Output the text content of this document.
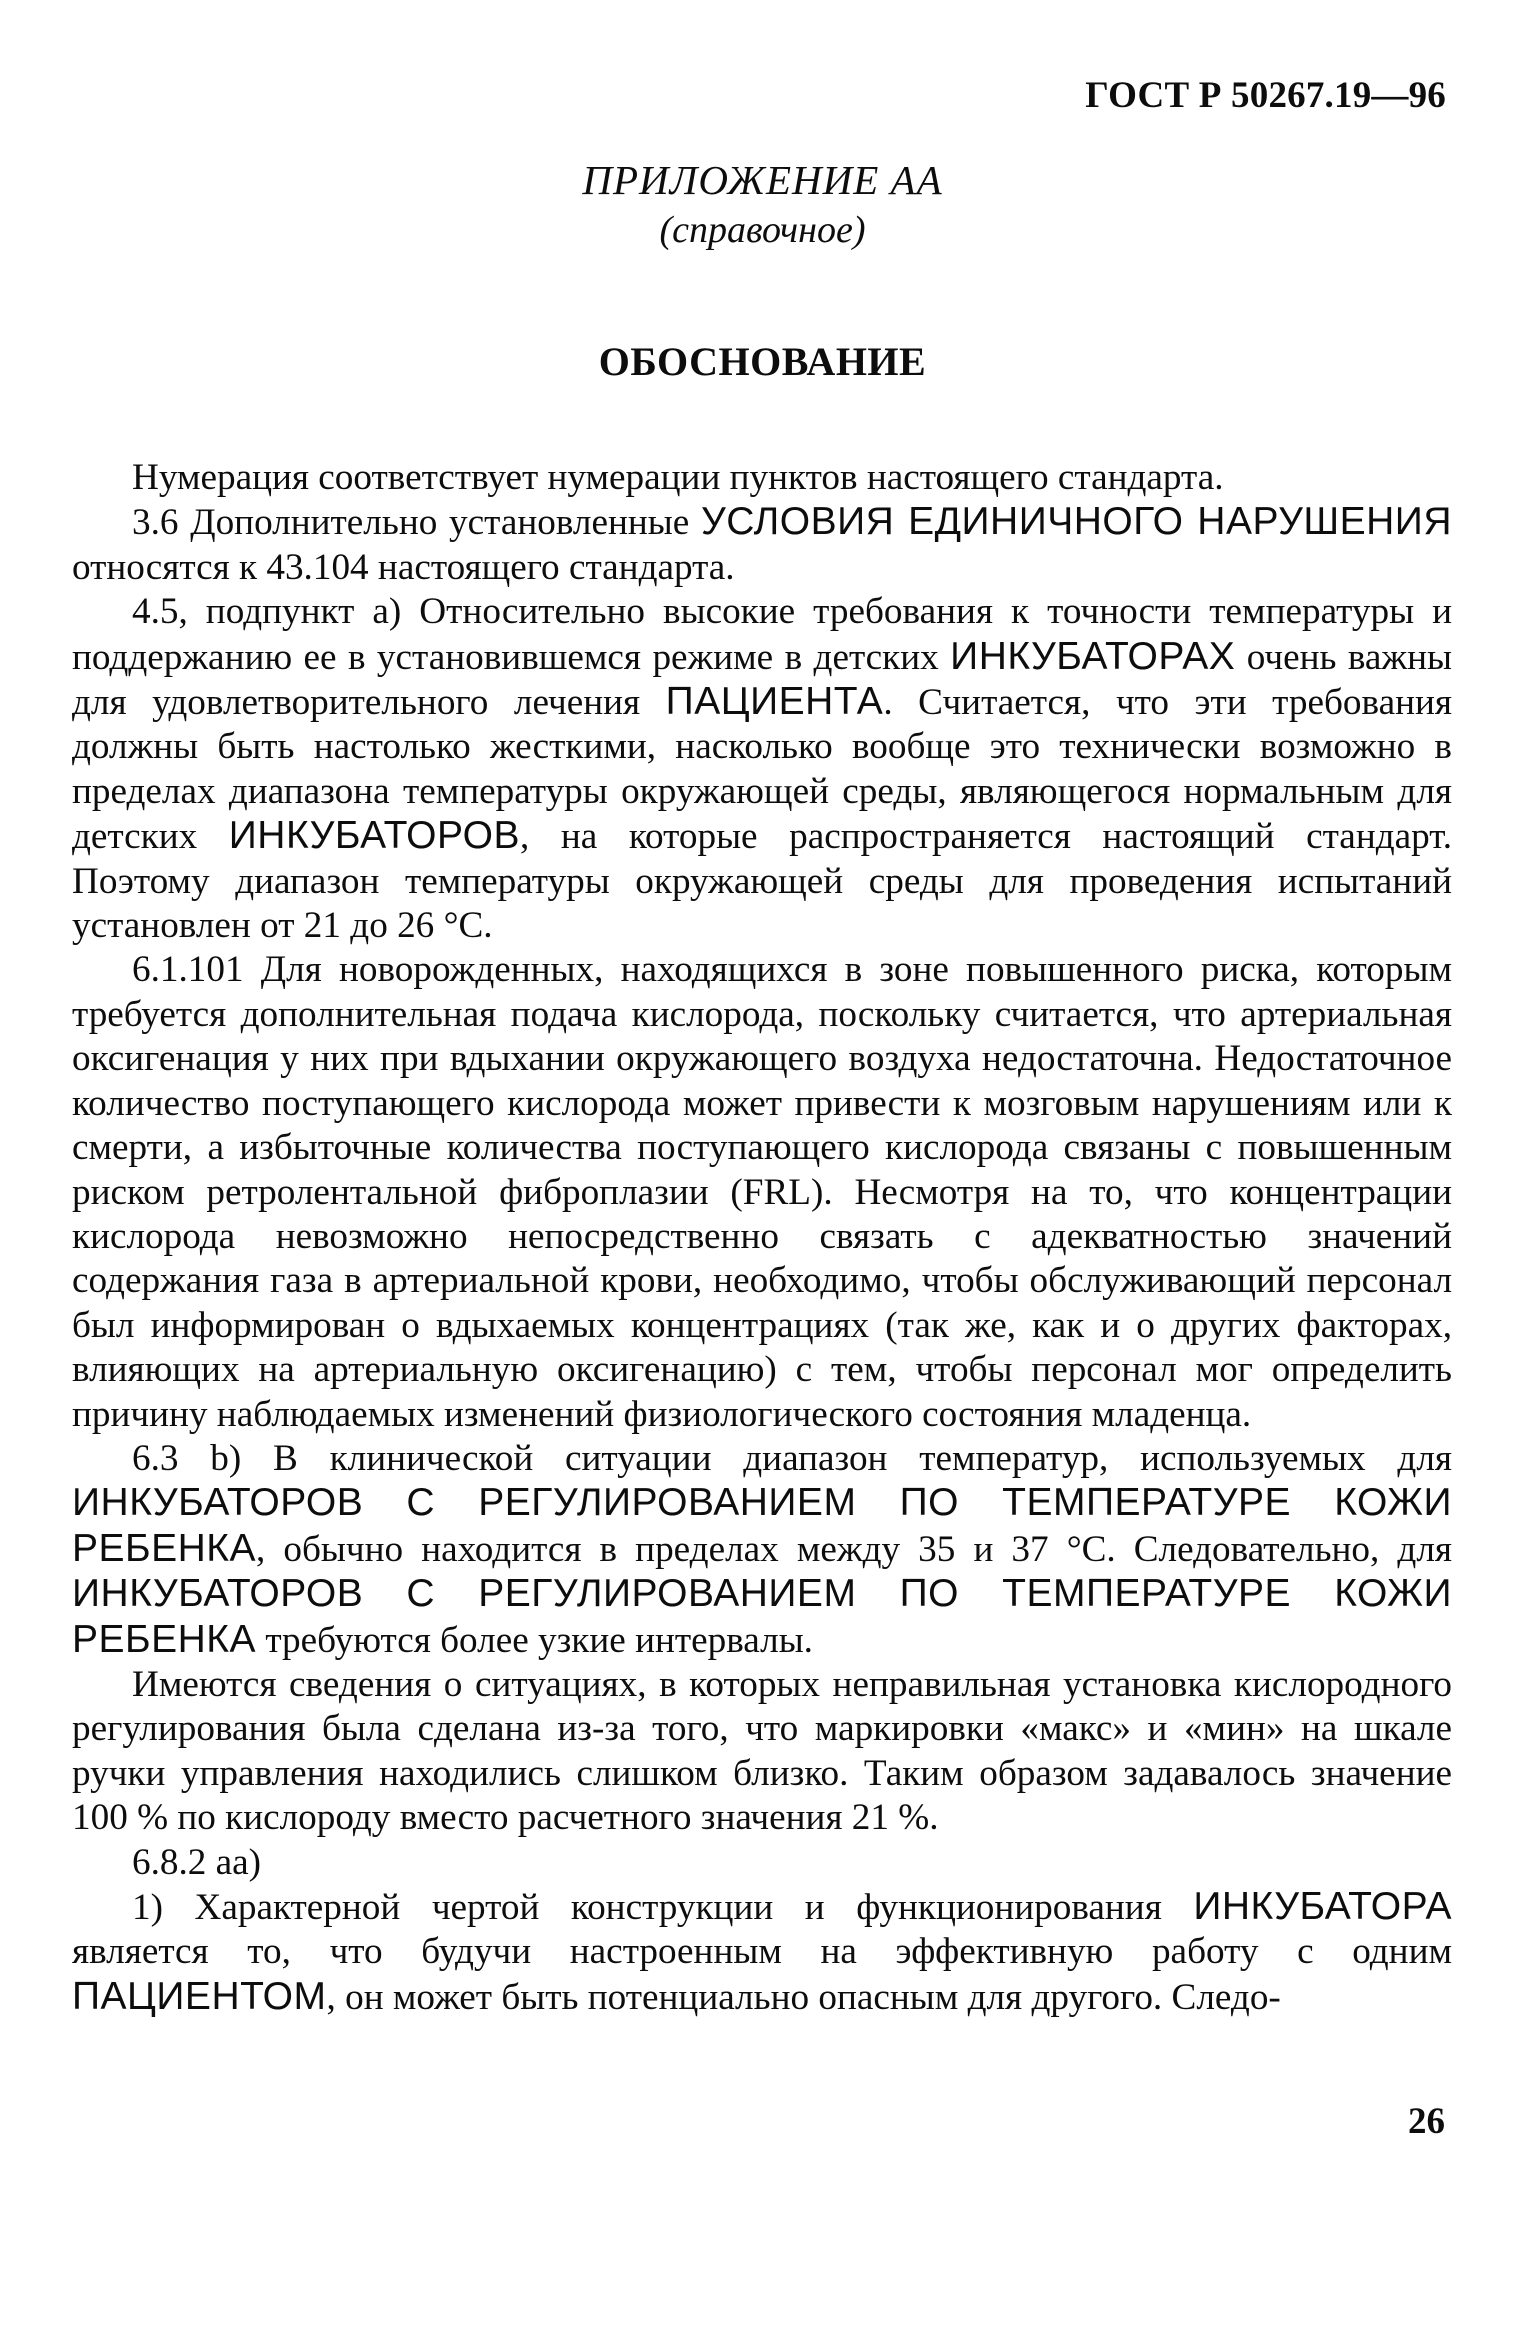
ГОСТ Р 50267.19—96
ПРИЛОЖЕНИЕ АА
(справочное)
ОБОСНОВАНИЕ

Нумерация соответствует нумерации пунктов настоящего стандарта.

3.6 Дополнительно установленные УСЛОВИЯ ЕДИНИЧНОГО НАРУШЕНИЯ относятся к 43.104 настоящего стандарта.

4.5, подпункт а) Относительно высокие требования к точности температуры и поддержанию ее в установившемся режиме в детских ИНКУБАТОРАХ очень важны для удовлетворительного лечения ПАЦИЕНТА. Считается, что эти требования должны быть настолько жесткими, насколько вообще это технически возможно в пределах диапазона температуры окружающей среды, являющегося нормальным для детских ИНКУБАТОРОВ, на которые распространяется настоящий стандарт. Поэтому диапазон температуры окружающей среды для проведения испытаний установлен от 21 до 26 °С.

6.1.101 Для новорожденных, находящихся в зоне повышенного риска, которым требуется дополнительная подача кислорода, поскольку считается, что артериальная оксигенация у них при вдыхании окружающего воздуха недостаточна. Недостаточное количество поступающего кислорода может привести к мозговым нарушениям или к смерти, а избыточные количества поступающего кислорода связаны с повышенным риском ретролентальной фиброплазии (FRL). Несмотря на то, что концентрации кислорода невозможно непосредственно связать с адекватностью значений содержания газа в артериальной крови, необходимо, чтобы обслуживающий персонал был информирован о вдыхаемых концентрациях (так же, как и о других факторах, влияющих на артериальную оксигенацию) с тем, чтобы персонал мог определить причину наблюдаемых изменений физиологического состояния младенца.

6.3 b) В клинической ситуации диапазон температур, используемых для ИНКУБАТОРОВ С РЕГУЛИРОВАНИЕМ ПО ТЕМПЕРАТУРЕ КОЖИ РЕБЕНКА, обычно находится в пределах между 35 и 37 °С. Следовательно, для ИНКУБАТОРОВ С РЕГУЛИРОВАНИЕМ ПО ТЕМПЕРАТУРЕ КОЖИ РЕБЕНКА требуются более узкие интервалы.

Имеются сведения о ситуациях, в которых неправильная установка кислородного регулирования была сделана из-за того, что маркировки «макс» и «мин» на шкале ручки управления находились слишком близко. Таким образом задавалось значение 100 % по кислороду вместо расчетного значения 21 %.

6.8.2 аа)

1) Характерной чертой конструкции и функционирования ИНКУБАТОРА является то, что будучи настроенным на эффективную работу с одним ПАЦИЕНТОМ, он может быть потенциально опасным для другого. Следо-

26
